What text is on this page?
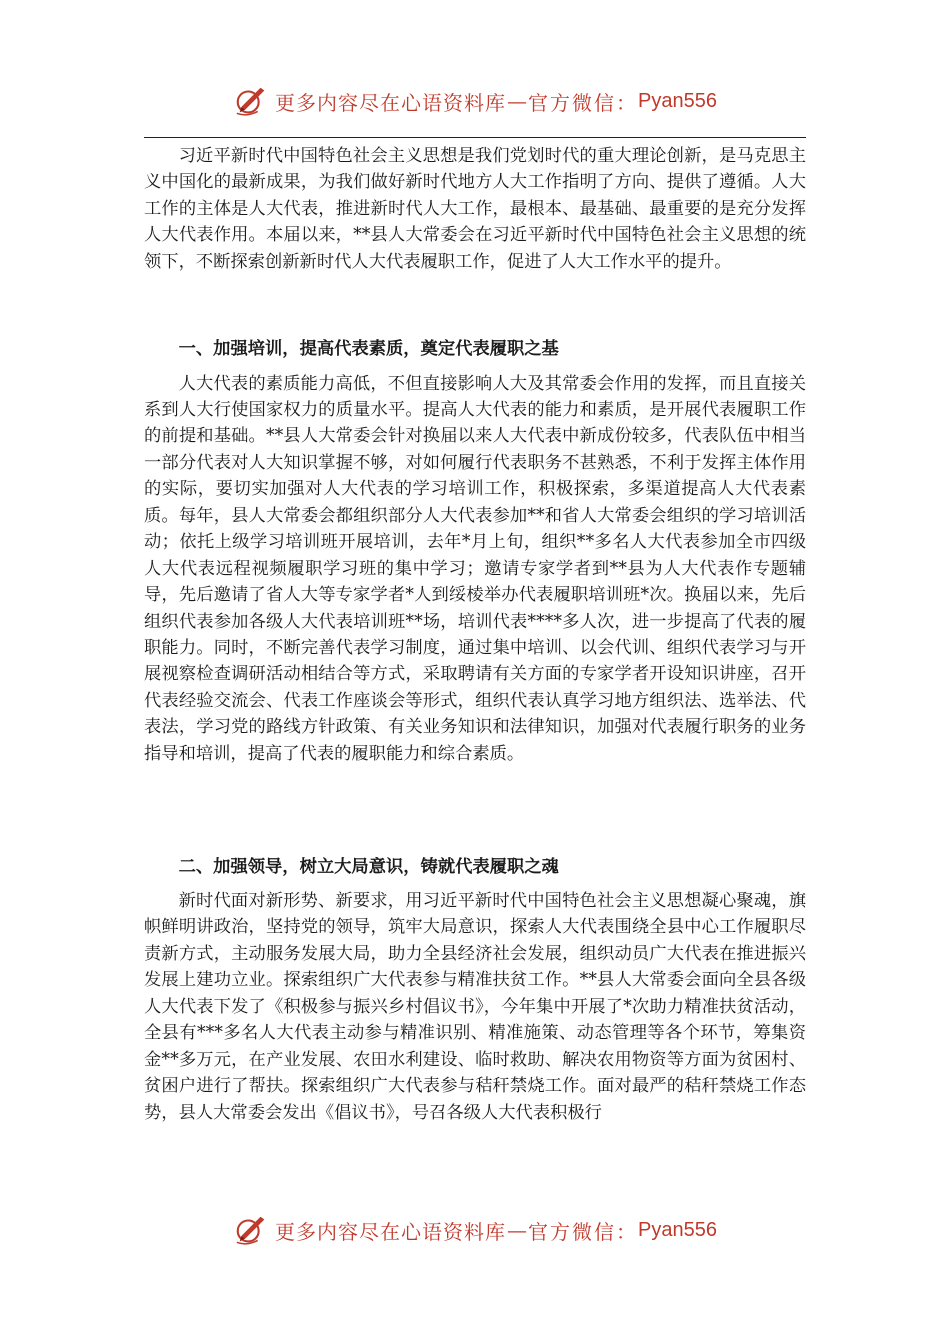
更多内容尽在心语资料库 — 官方微信： Pyan556

习近平新时代中国特色社会主义思想是我们党划时代的重大理论创新，是马克思主义中国化的最新成果，为我们做好新时代地方人大工作指明了方向、提供了遵循。人大工作的主体是人大代表，推进新时代人大工作，最根本、最基础、最重要的是充分发挥人大代表作用。本届以来，**县人大常委会在习近平新时代中国特色社会主义思想的统领下，不断探索创新新时代人大代表履职工作，促进了人大工作水平的提升。

一、加强培训，提高代表素质，奠定代表履职之基

人大代表的素质能力高低，不但直接影响人大及其常委会作用的发挥，而且直接关系到人大行使国家权力的质量水平。提高人大代表的能力和素质，是开展代表履职工作的前提和基础。**县人大常委会针对换届以来人大代表中新成份较多，代表队伍中相当一部分代表对人大知识掌握不够，对如何履行代表职务不甚熟悉，不利于发挥主体作用的实际，要切实加强对人大代表的学习培训工作，积极探索，多渠道提高人大代表素质。每年，县人大常委会都组织部分人大代表参加**和省人大常委会组织的学习培训活动；依托上级学习培训班开展培训，去年*月上旬，组织**多名人大代表参加全市四级人大代表远程视频履职学习班的集中学习；邀请专家学者到**县为人大代表作专题辅导，先后邀请了省人大等专家学者*人到绥棱举办代表履职培训班*次。换届以来，先后组织代表参加各级人大代表培训班**场，培训代表****多人次，进一步提高了代表的履职能力。同时，不断完善代表学习制度，通过集中培训、以会代训、组织代表学习与开展视察检查调研活动相结合等方式，采取聘请有关方面的专家学者开设知识讲座，召开代表经验交流会、代表工作座谈会等形式，组织代表认真学习地方组织法、选举法、代表法，学习党的路线方针政策、有关业务知识和法律知识，加强对代表履行职务的业务指导和培训，提高了代表的履职能力和综合素质。

二、加强领导，树立大局意识，铸就代表履职之魂

新时代面对新形势、新要求，用习近平新时代中国特色社会主义思想凝心聚魂，旗帜鲜明讲政治，坚持党的领导，筑牢大局意识，探索人大代表围绕全县中心工作履职尽责新方式，主动服务发展大局，助力全县经济社会发展，组织动员广大代表在推进振兴发展上建功立业。探索组织广大代表参与精准扶贫工作。**县人大常委会面向全县各级人大代表下发了《积极参与振兴乡村倡议书》，今年集中开展了*次助力精准扶贫活动，全县有***多名人大代表主动参与精准识别、精准施策、动态管理等各个环节，筹集资金**多万元，在产业发展、农田水利建设、临时救助、解决农用物资等方面为贫困村、贫困户进行了帮扶。探索组织广大代表参与秸秆禁烧工作。面对最严的秸秆禁烧工作态势，县人大常委会发出《倡议书》，号召各级人大代表积极行

更多内容尽在心语资料库 — 官方微信： Pyan556
